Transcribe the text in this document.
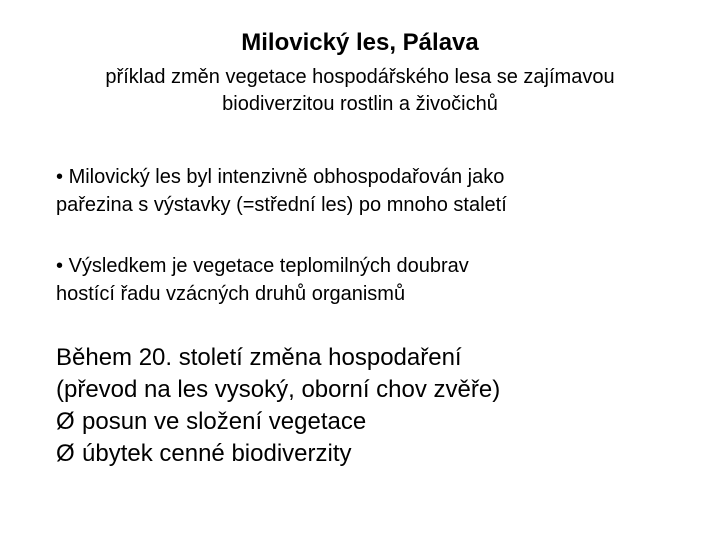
Milovický les, Pálava
příklad změn vegetace hospodářského lesa se zajímavou
biodiverzitou rostlin a živočichů
• Milovický les byl intenzivně obhospodařován jako
pařezina s výstavky (=střední les) po mnoho staletí
• Výsledkem je vegetace teplomilných doubrav
hostící řadu vzácných druhů organismů
Během 20. století změna hospodaření
(převod na les vysoký, oborní chov zvěře)
Ø posun ve složení vegetace
Ø úbytek cenné biodiverzity
